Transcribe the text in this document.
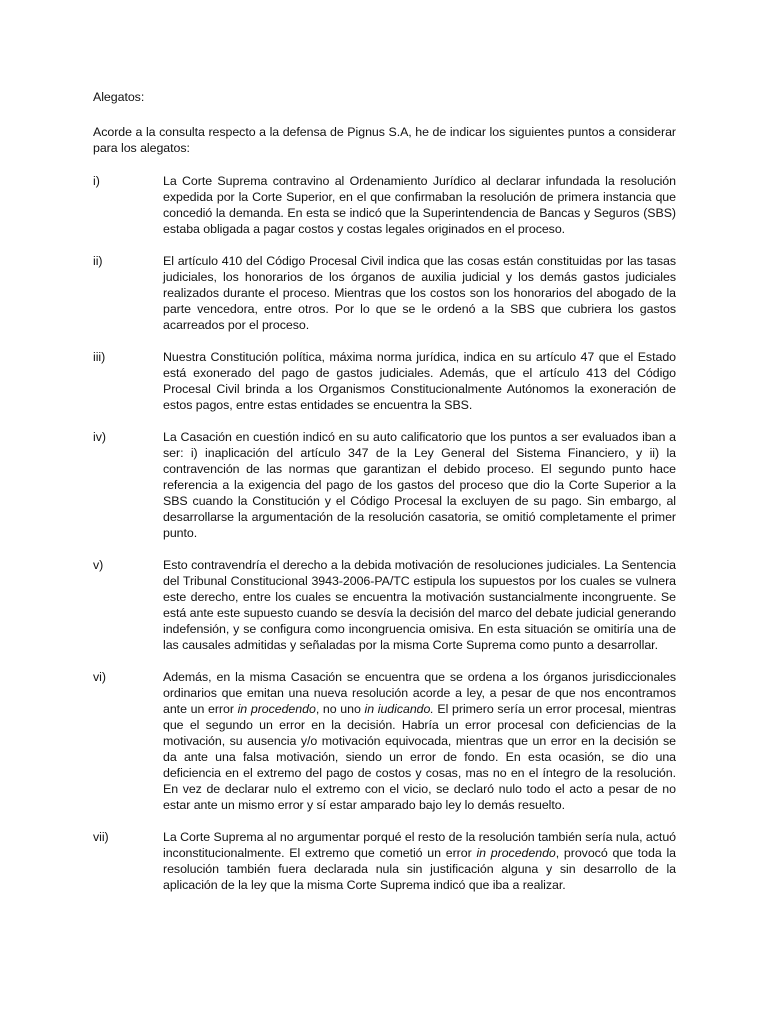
Alegatos:
Acorde a la consulta respecto a la defensa de Pignus S.A, he de indicar los siguientes puntos a considerar para los alegatos:
i)	La Corte Suprema contravino al Ordenamiento Jurídico al declarar infundada la resolución expedida por la Corte Superior, en el que confirmaban la resolución de primera instancia que concedió la demanda. En esta se indicó que la Superintendencia de Bancas y Seguros (SBS) estaba obligada a pagar costos y costas legales originados en el proceso.
ii)	El artículo 410 del Código Procesal Civil indica que las cosas están constituidas por las tasas judiciales, los honorarios de los órganos de auxilia judicial y los demás gastos judiciales realizados durante el proceso. Mientras que los costos son los honorarios del abogado de la parte vencedora, entre otros. Por lo que se le ordenó a la SBS que cubriera los gastos acarreados por el proceso.
iii)	Nuestra Constitución política, máxima norma jurídica, indica en su artículo 47 que el Estado está exonerado del pago de gastos judiciales. Además, que el artículo 413 del Código Procesal Civil brinda a los Organismos Constitucionalmente Autónomos la exoneración de estos pagos, entre estas entidades se encuentra la SBS.
iv)	La Casación en cuestión indicó en su auto calificatorio que los puntos a ser evaluados iban a ser: i) inaplicación del artículo 347 de la Ley General del Sistema Financiero, y ii) la contravención de las normas que garantizan el debido proceso. El segundo punto hace referencia a la exigencia del pago de los gastos del proceso que dio la Corte Superior a la SBS cuando la Constitución y el Código Procesal la excluyen de su pago. Sin embargo, al desarrollarse la argumentación de la resolución casatoria, se omitió completamente el primer punto.
v)	Esto contravendría el derecho a la debida motivación de resoluciones judiciales. La Sentencia del Tribunal Constitucional 3943-2006-PA/TC estipula los supuestos por los cuales se vulnera este derecho, entre los cuales se encuentra la motivación sustancialmente incongruente. Se está ante este supuesto cuando se desvía la decisión del marco del debate judicial generando indefensión, y se configura como incongruencia omisiva. En esta situación se omitiría una de las causales admitidas y señaladas por la misma Corte Suprema como punto a desarrollar.
vi)	Además, en la misma Casación se encuentra que se ordena a los órganos jurisdiccionales ordinarios que emitan una nueva resolución acorde a ley, a pesar de que nos encontramos ante un error in procedendo, no uno in iudicando. El primero sería un error procesal, mientras que el segundo un error en la decisión. Habría un error procesal con deficiencias de la motivación, su ausencia y/o motivación equivocada, mientras que un error en la decisión se da ante una falsa motivación, siendo un error de fondo. En esta ocasión, se dio una deficiencia en el extremo del pago de costos y cosas, mas no en el íntegro de la resolución. En vez de declarar nulo el extremo con el vicio, se declaró nulo todo el acto a pesar de no estar ante un mismo error y sí estar amparado bajo ley lo demás resuelto.
vii)	La Corte Suprema al no argumentar porqué el resto de la resolución también sería nula, actuó inconstitucionalmente. El extremo que cometió un error in procedendo, provocó que toda la resolución también fuera declarada nula sin justificación alguna y sin desarrollo de la aplicación de la ley que la misma Corte Suprema indicó que iba a realizar.
